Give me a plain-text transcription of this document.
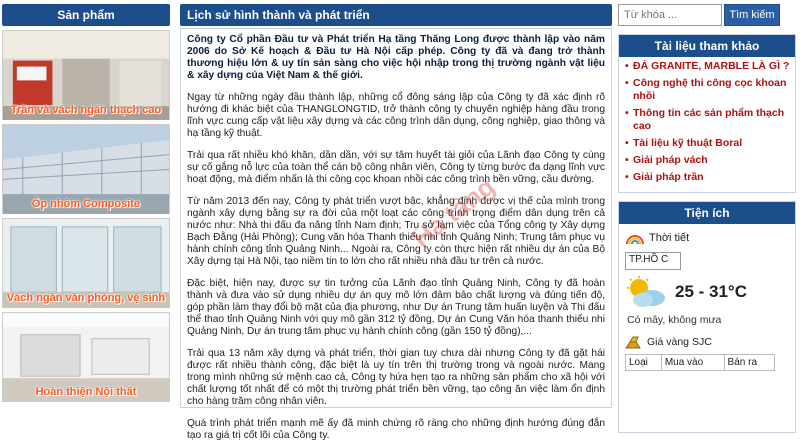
Sản phẩm
Trần và vách ngăn thạch cao
Ốp nhôm Composite
Vách ngăn văn phòng, vệ sinh
Hoàn thiện Nội thất
Lịch sử hình thành và phát triển

Công ty Cổ phần Đầu tư và Phát triển Hạ tầng Thăng Long được thành lập vào năm 2006 do Sở Kế hoạch & Đầu tư Hà Nội cấp phép. Công ty đã và đang trở thành thương hiệu lớn & uy tín sản sàng cho việc hội nhập trong thị trường ngành vật liệu & xây dựng của Việt Nam & thế giới.

Ngay từ những ngày đầu thành lập, những cổ đông sáng lập của Công ty đã xác định rõ hướng đi khác biệt của THANGLONGTID, trở thành công ty chuyên nghiệp hàng đầu trong lĩnh vực cung cấp vật liệu xây dựng và các công trình dân dụng, công nghiệp, giao thông và hạ tầng kỹ thuật.

Trải qua rất nhiều khó khăn, dần dần, với sự tâm huyết tài giỏi của Lãnh đạo Công ty cùng sự cố gắng nỗ lực của toàn thể cán bộ công nhân viên, Công ty từng bước đa dạng lĩnh vực hoạt động, mà điểm nhấn là thi công cọc khoan nhồi các công trình bền vững, cầu đường.

Từ năm 2013 đến nay, Công ty phát triển vượt bậc, khẳng định được vị thế của mình trong ngành xây dựng bằng sự ra đời của một loạt các công trình trọng điểm dân dụng trên cả nước như: Nhà thi đấu đa năng tỉnh Nam định; Trụ sở làm việc của Tổng công ty Xây dựng Bạch Đằng (Hải Phòng); Cung văn hóa Thanh thiếu nhi tỉnh Quảng Ninh; Trung tâm phục vụ hành chính công tỉnh Quảng Ninh... Ngoài ra, Công ty còn thực hiện rất nhiều dự án của Bộ Xây dựng tại Hà Nội, tạo niềm tin to lớn cho rất nhiều nhà đầu tư trên cả nước.

Đặc biệt, hiện nay, được sự tin tưởng của Lãnh đạo tỉnh Quảng Ninh, Công ty đã hoàn thành và đưa vào sử dụng nhiều dự án quy mô lớn đảm bảo chất lượng và đúng tiến độ, góp phần làm thay đổi bộ mặt của địa phương, như Dự án Trung tâm huấn luyện và Thi đấu thể thao tỉnh Quảng Ninh với quy mô gần 312 tỷ đồng, Dự án Cung Văn hóa thanh thiếu nhi Quảng Ninh, Dự án trung tâm phục vụ hành chính công (gần 150 tỷ đồng),...

Trải qua 13 năm xây dựng và phát triển, thời gian tuy chưa dài nhưng Công ty đã gặt hái được rất nhiều thành công, đặc biệt là uy tín trên thị trường trong và ngoài nước. Mang trong mình những sứ mệnh cao cả, Công ty hứa hẹn tạo ra những sản phẩm cho xã hội với chất lượng tốt nhất để có một thị trường phát triển bền vững, tạo công ăn việc làm ổn định cho hàng trăm công nhân viên.

Quá trình phát triển mạnh mẽ ấy đã minh chứng rõ ràng cho những định hướng đúng đắn tạo ra giá trị cốt lõi của Công ty.

Hạ tầng
Từ khóa ...
Tìm kiếm
Tài liệu tham khảo
• ĐÁ GRANITE, MARBLE LÀ GÌ ?
• Công nghệ thi công cọc khoan nhồi
• Thông tin các sản phẩm thạch cao
• Tài liệu kỹ thuật Boral
• Giải pháp vách
• Giải pháp trần
Tiện ích
Thời tiết
TP.HỒ C
25 - 31°C
Có mây, không mưa
Giá vàng SJC
Loại	Mua vào	Bán ra
